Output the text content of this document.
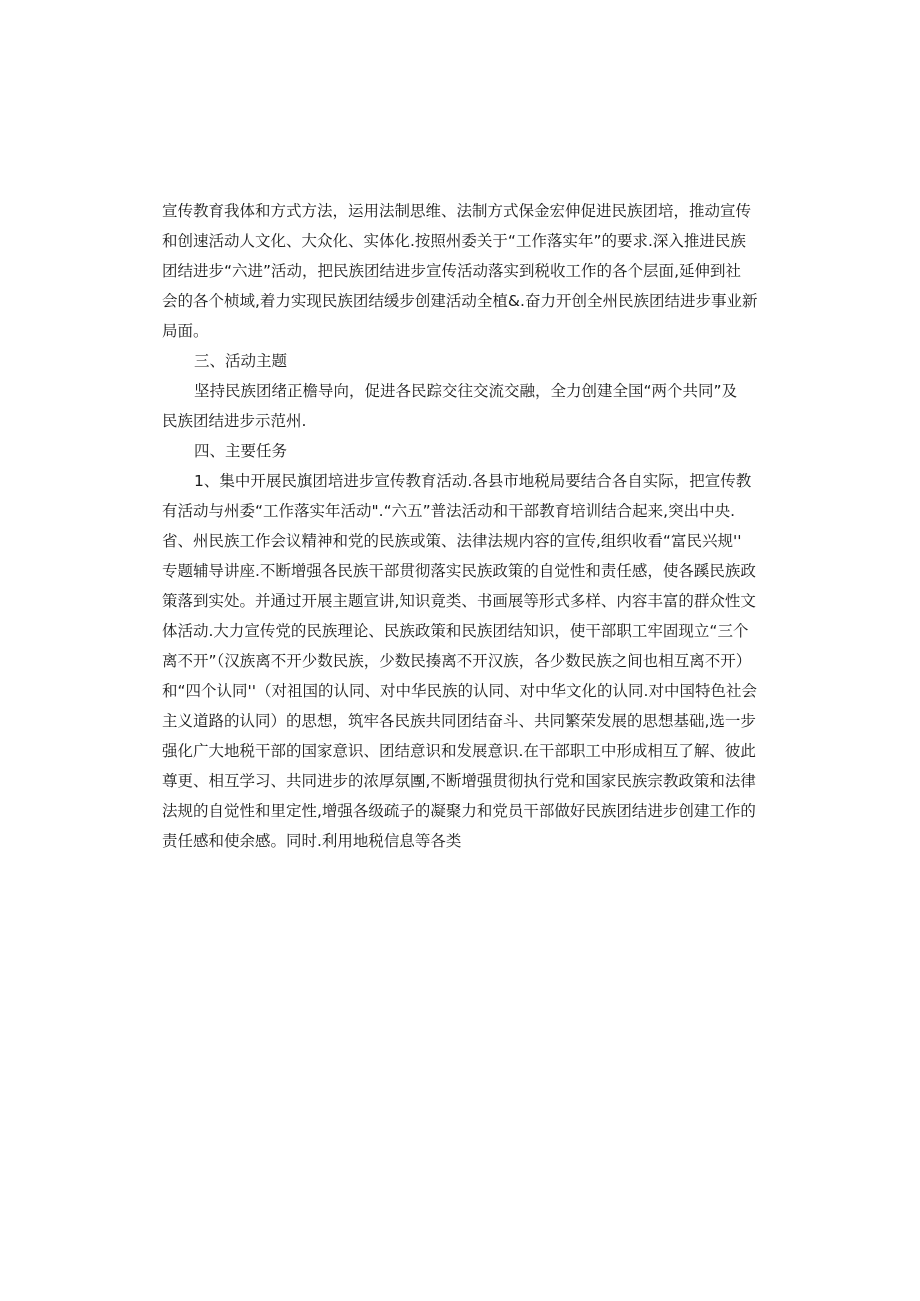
宣传教育我体和方式方法，运用法制思维、法制方式保金宏伸促进民族团培，推动宣传
和创速活动人文化、大众化、实体化.按照州委关于“工作落实年”的要求.深入推进民族
团结进步“六进”活动，把民族团结进步宣传活动落实到税收工作的各个层面,延伸到社
会的各个桢域,着力实现民族团结缓步创建活动全植&.奋力开创全州民族团结进步事业新
局面。
三、活动主题
坚持民族团绪正檐导向，促进各民踪交往交流交融，全力创建全国“两个共同”及
民族团结进步示范州.
四、主要任务
1、集中开展民旗团培进步宣传教育活动.各县市地税局要结合各自实际，把宣传教
有活动与州委“工作落实年活动".“六五”普法活动和干部教育培训结合起来,突出中央.
省、州民族工作会议精神和党的民族或策、法律法规内容的宣传,组织收看“富民兴规''
专题辅导讲座.不断增强各民族干部贯彻落实民族政策的自觉性和责任感，使各蹊民族政
策落到实处。并通过开展主题宣讲,知识竟类、书画展等形式多样、内容丰富的群众性文
体活动.大力宣传党的民族理论、民族政策和民族团结知识，使干部职工牢固现立“三个
离不开”（汉族离不开少数民族，少数民揍离不开汉族，各少数民族之间也相互离不开）
和“四个认同''（对祖国的认同、对中华民族的认同、对中华文化的认同.对中国特色社会
主义道路的认同）的思想，筑牢各民族共同团结奋斗、共同繁荣发展的思想基础,选一步
强化广大地税干部的国家意识、团结意识和发展意识.在干部职工中形成相互了解、彼此
尊更、相互学习、共同进步的浓厚氛團,不断增强贯彻执行党和国家民族宗教政策和法律
法规的自觉性和里定性,增强各级疏子的凝聚力和党员干部做好民族团结进步创建工作的
责任感和使余感。同时.利用地税信息等各类
